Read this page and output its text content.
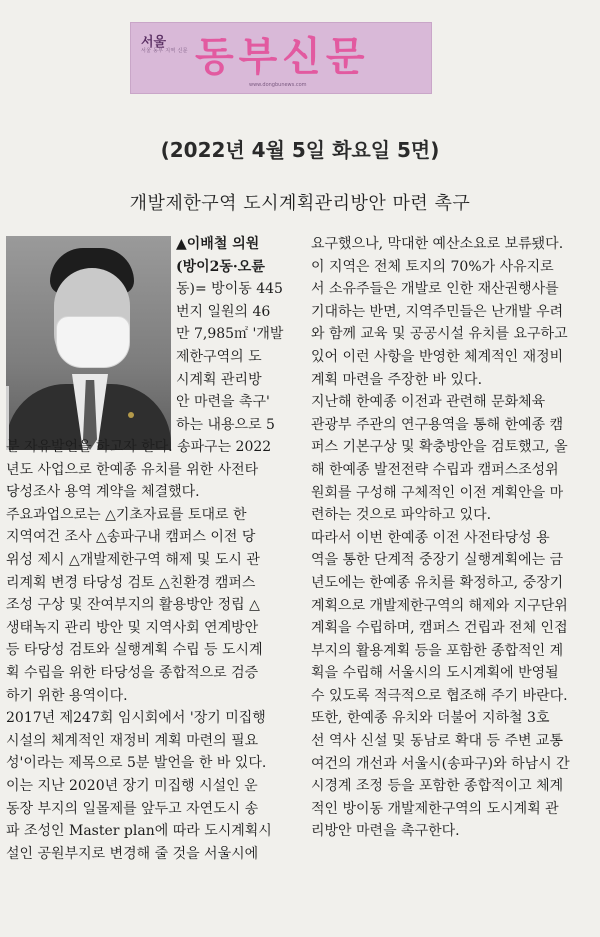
서울
서울 동부 지역 신문 동부신문
www.dongbunews.com
(2022년 4월 5일 화요일 5면)
개발제한구역 도시계획관리방안 마련 촉구

▲이배철 의원

(방이2동·오륜

동)= 방이동 445

번지 일원의 46

만 7,985㎡ '개발

제한구역의 도

시계획 관리방

안 마련을 촉구'

하는 내용으로 5

분 자유발언을 하고자 한다. 송파구는 2022

년도 사업으로 한예종 유치를 위한 사전타

당성조사 용역 계약을 체결했다.

주요과업으로는 △기초자료를 토대로 한

지역여건 조사 △송파구내 캠퍼스 이전 당

위성 제시 △개발제한구역 해제 및 도시 관

리계획 변경 타당성 검토 △친환경 캠퍼스

조성 구상 및 잔여부지의 활용방안 정립 △

생태녹지 관리 방안 및 지역사회 연계방안

등 타당성 검토와 실행계획 수립 등 도시계

획 수립을 위한 타당성을 종합적으로 검증

하기 위한 용역이다.

2017년 제247회 임시회에서 '장기 미집행

시설의 체계적인 재정비 계획 마련의 필요

성'이라는 제목으로 5분 발언을 한 바 있다.

이는 지난 2020년 장기 미집행 시설인 운

동장 부지의 일몰제를 앞두고 자연도시 송

파 조성인 Master plan에 따라 도시계획시

설인 공원부지로 변경해 줄 것을 서울시에

요구했으나, 막대한 예산소요로 보류됐다.

이 지역은 전체 토지의 70%가 사유지로

서 소유주들은 개발로 인한 재산권행사를

기대하는 반면, 지역주민들은 난개발 우려

와 함께 교육 및 공공시설 유치를 요구하고

있어 이런 사항을 반영한 체계적인 재정비

계획 마련을 주장한 바 있다.

지난해 한예종 이전과 관련해 문화체육

관광부 주관의 연구용역을 통해 한예종 캠

퍼스 기본구상 및 확충방안을 검토했고, 올

해 한예종 발전전략 수립과 캠퍼스조성위

원회를 구성해 구체적인 이전 계획안을 마

련하는 것으로 파악하고 있다.

따라서 이번 한예종 이전 사전타당성 용

역을 통한 단계적 중장기 실행계획에는 금

년도에는 한예종 유치를 확정하고, 중장기

계획으로 개발제한구역의 해제와 지구단위

계획을 수립하며, 캠퍼스 건립과 전체 인접

부지의 활용계획 등을 포함한 종합적인 계

획을 수립해 서울시의 도시계획에 반영될

수 있도록 적극적으로 협조해 주기 바란다.

또한, 한예종 유치와 더불어 지하철 3호

선 역사 신설 및 동남로 확대 등 주변 교통

여건의 개선과 서울시(송파구)와 하남시 간

시경계 조정 등을 포함한 종합적이고 체계

적인 방이동 개발제한구역의 도시계획 관

리방안 마련을 촉구한다.
